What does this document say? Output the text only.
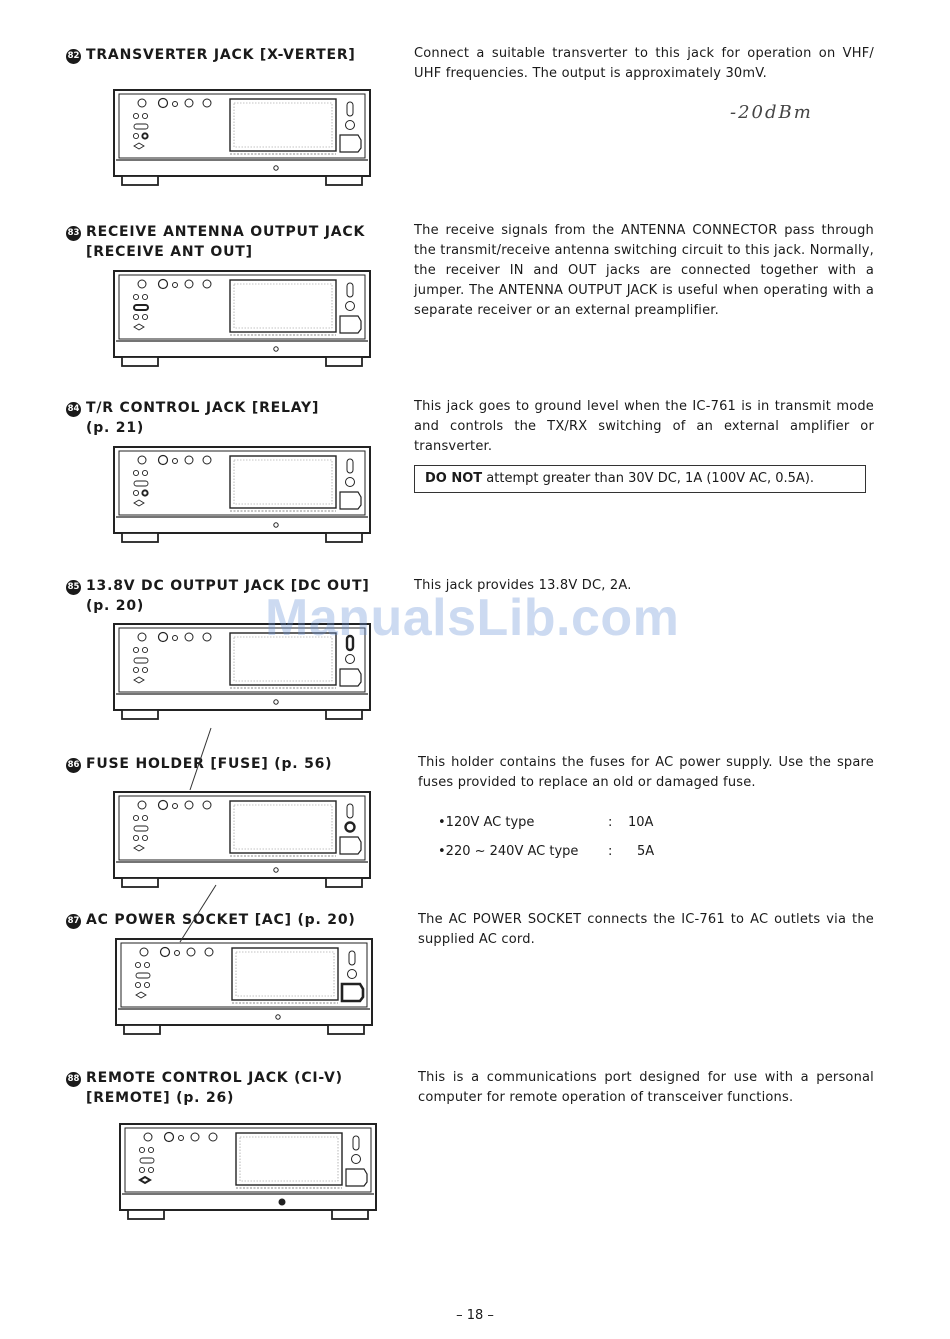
82 TRANSVERTER JACK [X-VERTER]	Connect a suitable transverter to this jack for operation on VHF/ UHF frequencies. The output is approximately 30mV.
-20dBm
83 RECEIVE ANTENNA OUTPUT JACK
[RECEIVE ANT OUT]
The receive signals from the ANTENNA CONNECTOR pass through the transmit/receive antenna switching circuit to this jack. Normally, the receiver IN and OUT jacks are connected together with a jumper. The ANTENNA OUTPUT JACK is useful when operating with a separate receiver or an external preamplifier.
84 T/R CONTROL JACK [RELAY]
(p. 21)
This jack goes to ground level when the IC-761 is in transmit mode and controls the TX/RX switching of an external amplifier or transverter.
DO NOT attempt greater than 30V DC, 1A (100V AC, 0.5A).
85 13.8V DC OUTPUT JACK [DC OUT]
(p. 20)
This jack provides 13.8V DC, 2A.
ManualsLib.com
86 FUSE HOLDER [FUSE] (p. 56)	This holder contains the fuses for AC power supply. Use the spare fuses provided to replace an old or damaged fuse.
•120V AC type	: 10A
•220 ~ 240V AC type : 5A
87 AC POWER SOCKET [AC] (p. 20)	The AC POWER SOCKET connects the IC-761 to AC outlets via the supplied AC cord.
88 REMOTE CONTROL JACK (CI-V)
[REMOTE] (p. 26)
This is a communications port designed for use with a personal computer for remote operation of transceiver functions.
– 18 –
